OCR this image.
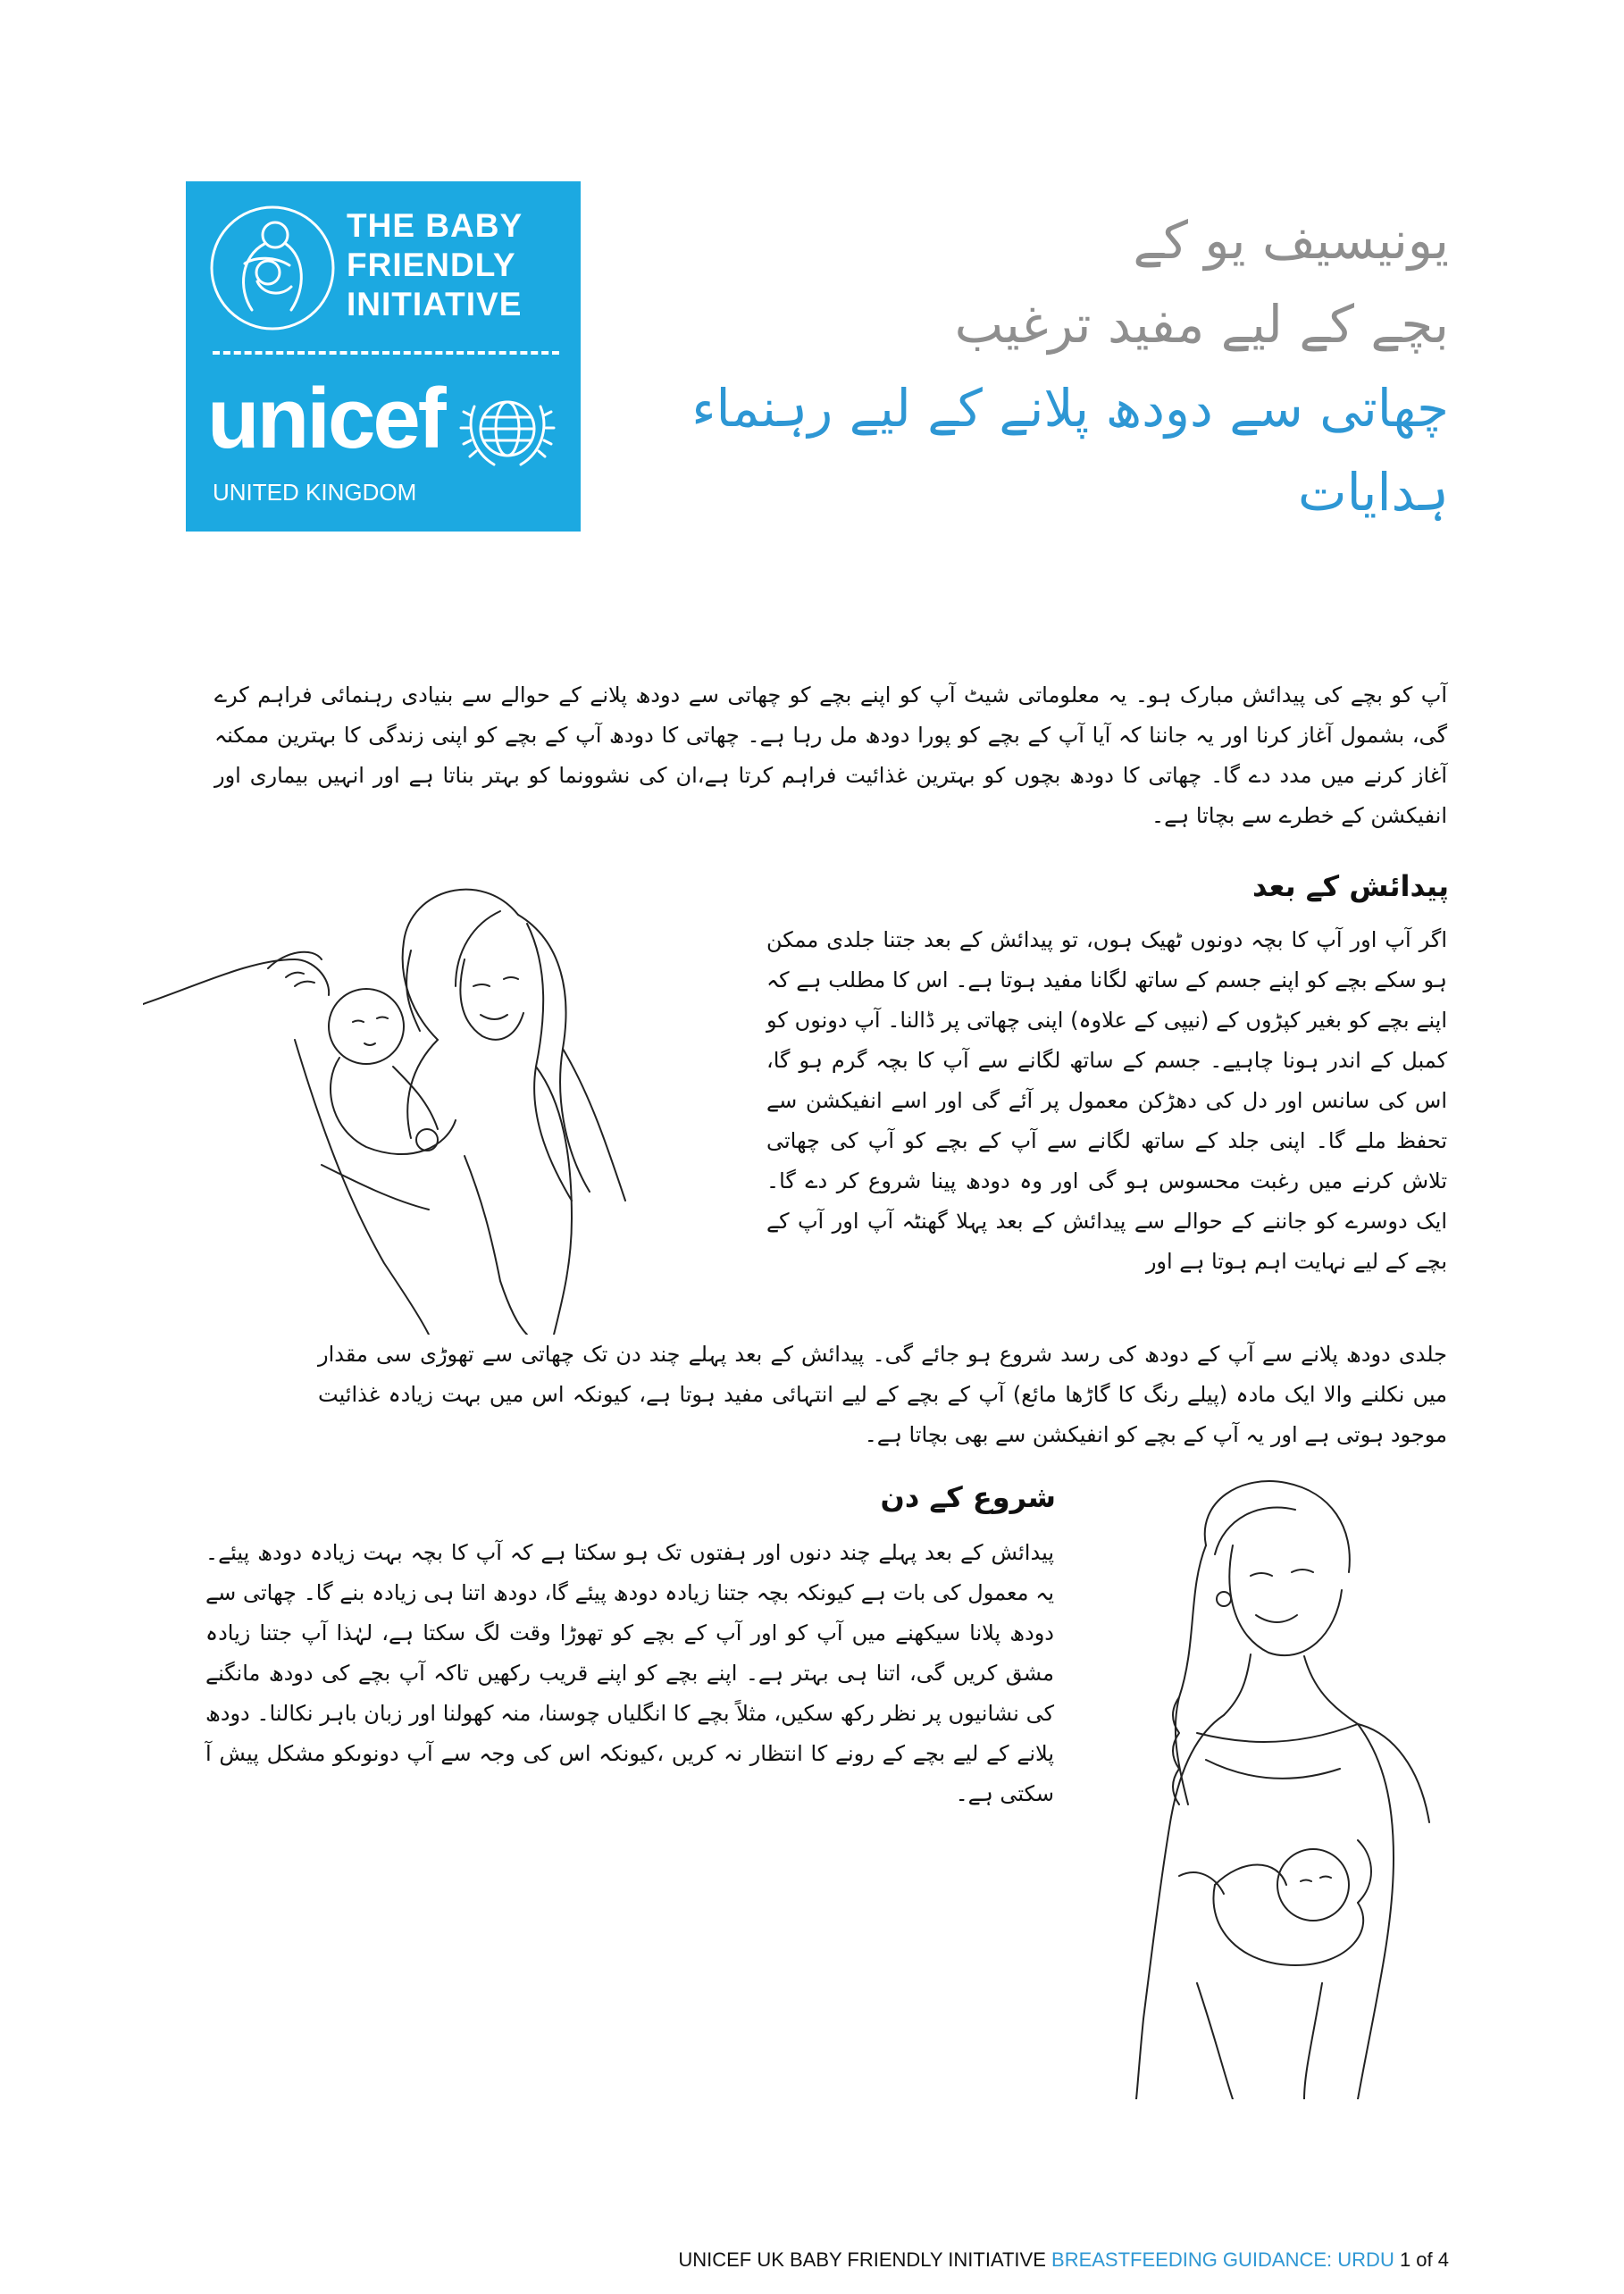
THE BABY
FRIENDLY
INITIATIVE
unicef
UNITED KINGDOM
یونیسیف یو کے
بچے کے لیے مفید ترغیب
چھاتی سے دودھ پلانے کے لیے رہنماء
ہدایات
آپ کو بچے کی پیدائش مبارک ہو۔ یہ معلوماتی شیٹ آپ کو اپنے بچے کو چھاتی سے دودھ پلانے کے حوالے سے بنیادی رہنمائی فراہم کرے گی، بشمول آغاز کرنا اور یہ جاننا کہ آیا آپ کے بچے کو پورا دودھ مل رہا ہے۔ چھاتی کا دودھ آپ کے بچے کو اپنی زندگی کا بہترین ممکنہ آغاز کرنے میں مدد دے گا۔ چھاتی کا دودھ بچوں کو بہترین غذائیت فراہم کرتا ہے،ان کی نشوونما کو بہتر بناتا ہے اور انہیں بیماری اور انفیکشن کے خطرے سے بچاتا ہے۔
پیدائش کے بعد
اگر آپ اور آپ کا بچہ دونوں ٹھیک ہوں، تو پیدائش کے بعد جتنا جلدی ممکن ہو سکے بچے کو اپنے جسم کے ساتھ لگانا مفید ہوتا ہے۔ اس کا مطلب ہے کہ اپنے بچے کو بغیر کپڑوں کے (نیپی کے علاوہ) اپنی چھاتی پر ڈالنا۔ آپ دونوں کو کمبل کے اندر ہونا چاہیے۔ جسم کے ساتھ لگانے سے آپ کا بچہ گرم ہو گا، اس کی سانس اور دل کی دھڑکن معمول پر آئے گی اور اسے انفیکشن سے تحفظ ملے گا۔ اپنی جلد کے ساتھ لگانے سے آپ کے بچے کو آپ کی چھاتی تلاش کرنے میں رغبت محسوس ہو گی اور وہ دودھ پینا شروع کر دے گا۔ ایک دوسرے کو جاننے کے حوالے سے پیدائش کے بعد پہلا گھنٹہ آپ اور آپ کے بچے کے لیے نہایت اہم ہوتا ہے اور
جلدی دودھ پلانے سے آپ کے دودھ کی رسد شروع ہو جائے گی۔ پیدائش کے بعد پہلے چند دن تک چھاتی سے تھوڑی سی مقدار میں نکلنے والا ایک مادہ (پیلے رنگ کا گاڑھا مائع) آپ کے بچے کے لیے انتہائی مفید ہوتا ہے، کیونکہ اس میں بہت زیادہ غذائیت موجود ہوتی ہے اور یہ آپ کے بچے کو انفیکشن سے بھی بچاتا ہے۔
شروع کے دن
پیدائش کے بعد پہلے چند دنوں اور ہفتوں تک ہو سکتا ہے کہ آپ کا بچہ بہت زیادہ دودھ پیئے۔ یہ معمول کی بات ہے کیونکہ بچہ جتنا زیادہ دودھ پیئے گا، دودھ اتنا ہی زیادہ بنے گا۔ چھاتی سے دودھ پلانا سیکھنے میں آپ کو اور آپ کے بچے کو تھوڑا وقت لگ سکتا ہے، لہٰذا آپ جتنا زیادہ مشق کریں گی، اتنا ہی بہتر ہے۔ اپنے بچے کو اپنے قریب رکھیں تاکہ آپ بچے کی دودھ مانگنے کی نشانیوں پر نظر رکھ سکیں، مثلاً بچے کا انگلیاں چوسنا، منہ کھولنا اور زبان باہر نکالنا۔ دودھ پلانے کے لیے بچے کے رونے کا انتظار نہ کریں ،کیونکہ اس کی وجہ سے آپ دونوںکو مشکل پیش آ سکتی ہے۔
UNICEF UK BABY FRIENDLY INITIATIVE BREASTFEEDING GUIDANCE: URDU 1 of 4
